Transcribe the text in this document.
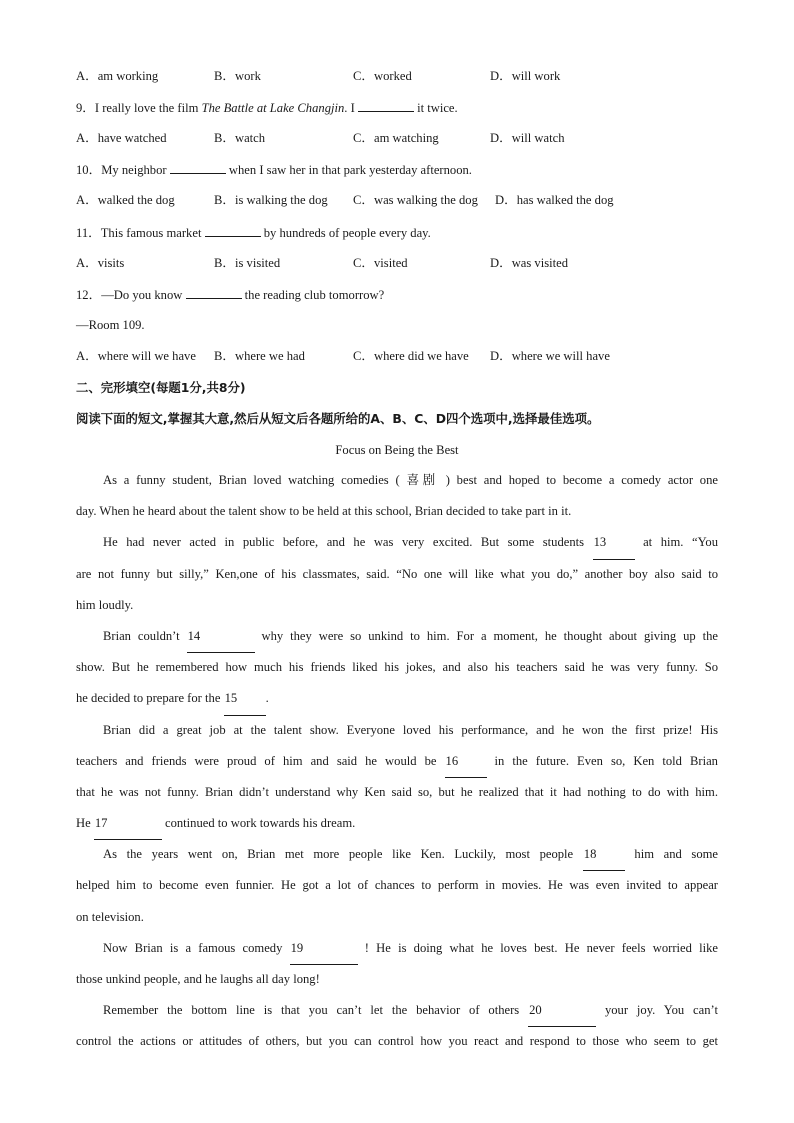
A．am working	B．work	C．worked	D．will work
9．I really love the film The Battle at Lake Changjin. I	it twice.
A．have watched	B．watch	C．am watching	D．will watch
10．My neighbor	when I saw her in that park yesterday afternoon.
A．walked the dog	B．is walking the dog C．was walking the dog D．has walked the dog
11．This famous market	by hundreds of people every day.
A．visits	B．is visited	C．visited	D．was visited
12．—Do you know	the reading club tomorrow?
—Room 109.
A．where will we have B．where we had	C．where did we have D．where we will have
二、完形填空(每题1分,共8分)
阅读下面的短文,掌握其大意,然后从短文后各题所给的A、B、C、D四个选项中,选择最佳选项。
Focus on Being the Best
As a funny student, Brian loved watching comedies ( 喜剧 ) best and hoped to become a comedy actor one
day. When he heard about the talent show to be held at this school, Brian decided to take part in it.
He had never acted in public before, and he was very excited. But some students 13 at him. “You
are not funny but silly,” Ken,one of his classmates, said. “No one will like what you do,” another boy also said to
him loudly.
Brian couldn’t 14	why they were so unkind to him. For a moment, he thought about giving up the
show. But he remembered how much his friends liked his jokes, and also his teachers said he was very funny. So
he decided to prepare for the 15 .
Brian did a great job at the talent show. Everyone loved his performance, and he won the first prize! His
teachers and friends were proud of him and said he would be 16 in the future. Even so, Ken told Brian
that he was not funny. Brian didn’t understand why Ken said so, but he realized that it had nothing to do with him.
He 17	continued to work towards his dream.
As the years went on, Brian met more people like Ken. Luckily, most people 18 him and some
helped him to become even funnier. He got a lot of chances to perform in movies. He was even invited to appear
on television.
Now Brian is a famous comedy 19	! He is doing what he loves best. He never feels worried like
those unkind people, and he laughs all day long!
Remember the bottom line is that you can’t let the behavior of others 20	your joy. You can’t
control the actions or attitudes of others, but you can control how you react and respond to those who seem to get
